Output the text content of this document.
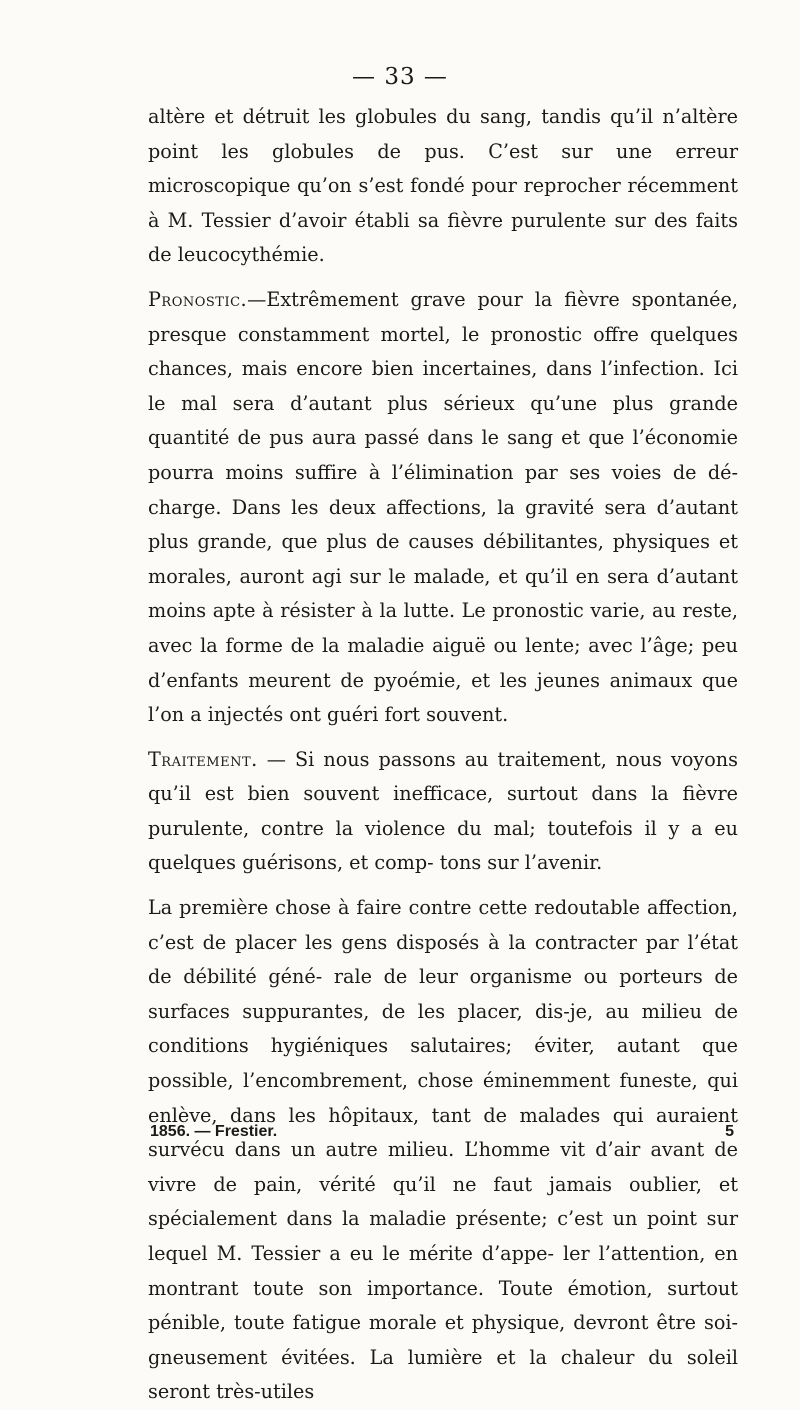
— 33 —

altère et détruit les globules du sang, tandis qu’il n’altère point les globules de pus. C’est sur une erreur microscopique qu’on s’est fondé pour reprocher récemment à M. Tessier d’avoir établi sa fièvre purulente sur des faits de leucocythémie.

Pronostic.—Extrêmement grave pour la fièvre spontanée, presque constamment mortel, le pronostic offre quelques chances, mais encore bien incertaines, dans l’infection. Ici le mal sera d’autant plus sérieux qu’une plus grande quantité de pus aura passé dans le sang et que l’économie pourra moins suffire à l’élimination par ses voies de dé- charge. Dans les deux affections, la gravité sera d’autant plus grande, que plus de causes débilitantes, physiques et morales, auront agi sur le malade, et qu’il en sera d’autant moins apte à résister à la lutte. Le pronostic varie, au reste, avec la forme de la maladie aiguë ou lente; avec l’âge; peu d’enfants meurent de pyoémie, et les jeunes animaux que l’on a injectés ont guéri fort souvent.

Traitement. — Si nous passons au traitement, nous voyons qu’il est bien souvent inefficace, surtout dans la fièvre purulente, contre la violence du mal; toutefois il y a eu quelques guérisons, et comp- tons sur l’avenir.

La première chose à faire contre cette redoutable affection, c’est de placer les gens disposés à la contracter par l’état de débilité géné- rale de leur organisme ou porteurs de surfaces suppurantes, de les placer, dis-je, au milieu de conditions hygiéniques salutaires; éviter, autant que possible, l’encombrement, chose éminemment funeste, qui enlève, dans les hôpitaux, tant de malades qui auraient survécu dans un autre milieu. L’homme vit d’air avant de vivre de pain, vérité qu’il ne faut jamais oublier, et spécialement dans la maladie présente; c’est un point sur lequel M. Tessier a eu le mérite d’appe- ler l’attention, en montrant toute son importance. Toute émotion, surtout pénible, toute fatigue morale et physique, devront être soi- gneusement évitées. La lumière et la chaleur du soleil seront très-utiles

1856. — Frestier.	5
